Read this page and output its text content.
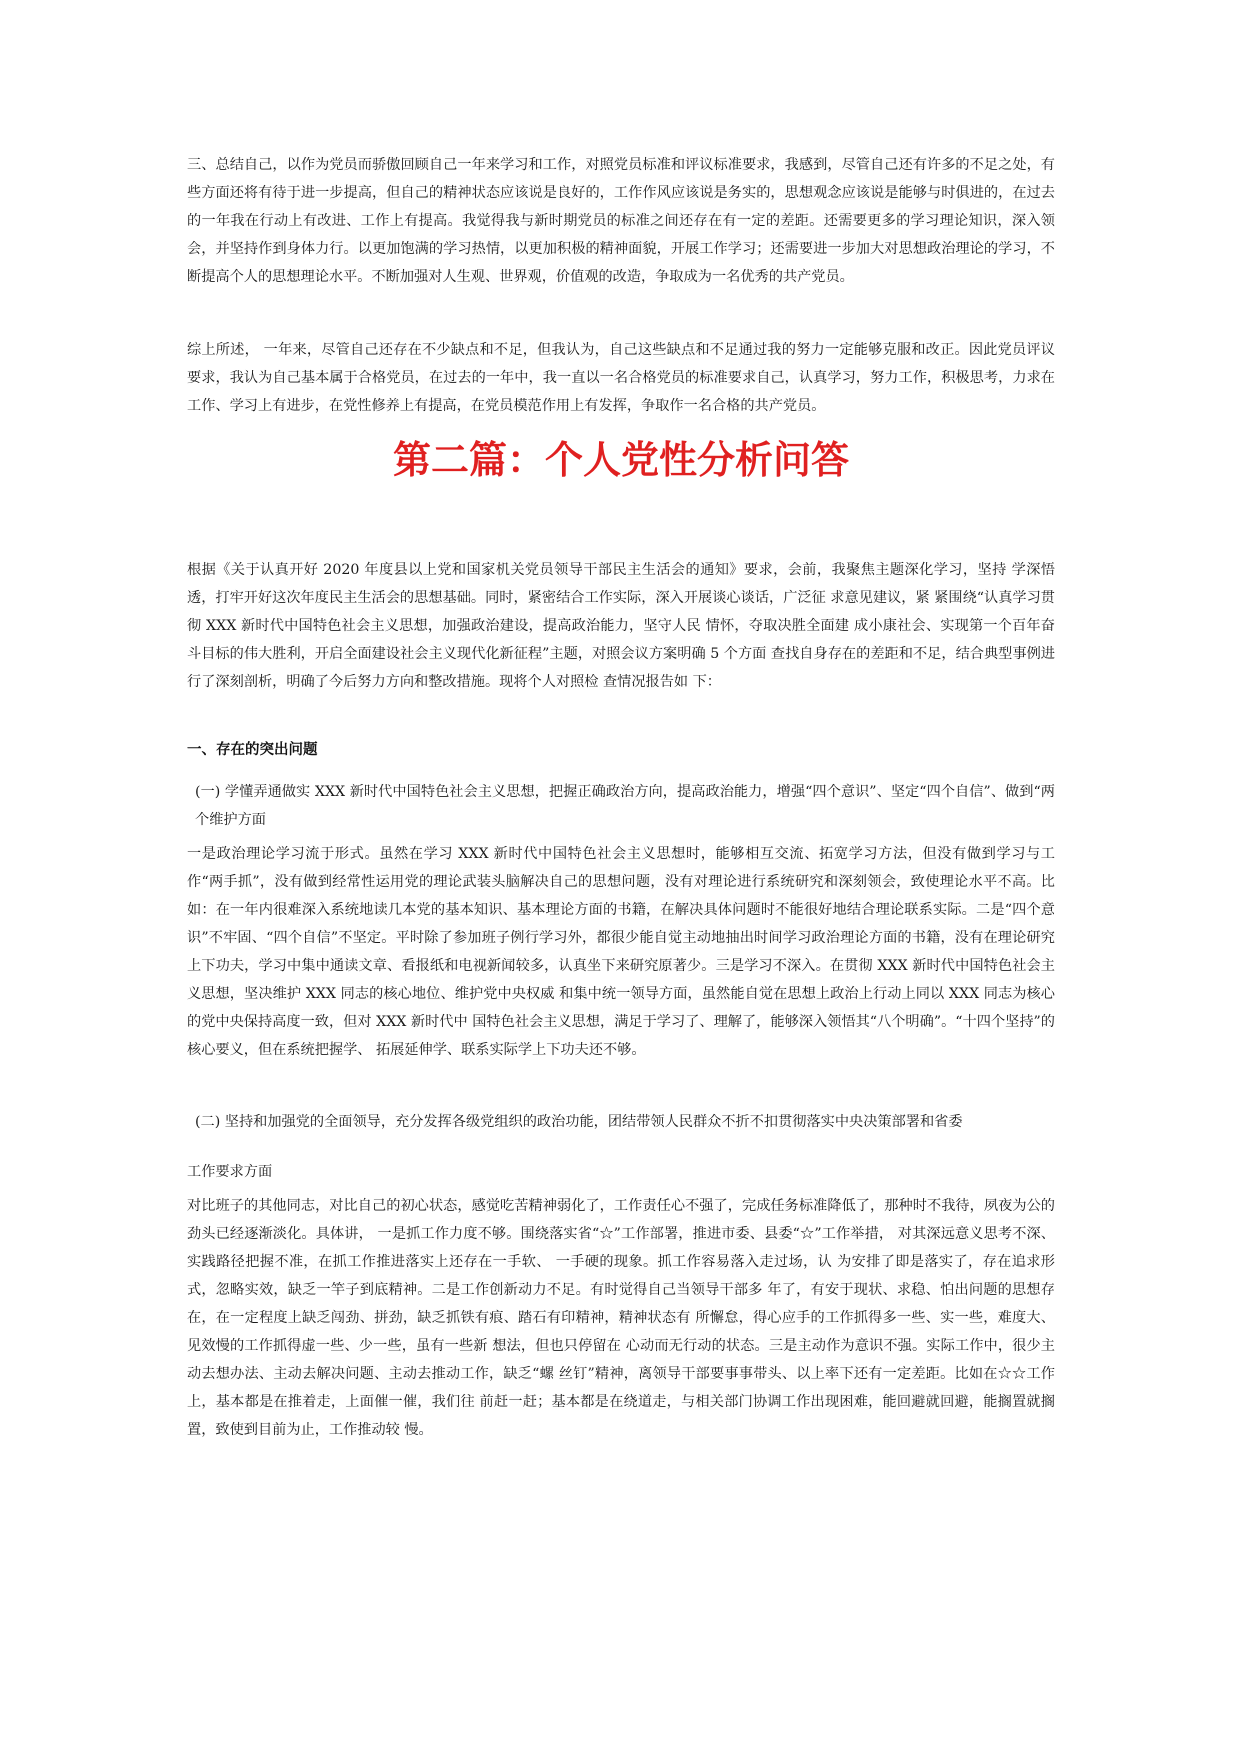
三、总结自己，以作为党员而骄傲回顾自己一年来学习和工作，对照党员标准和评议标准要求，我感到，尽管自己还有许多的不足之处，有些方面还将有待于进一步提高，但自己的精神状态应该说是良好的，工作作风应该说是务实的，思想观念应该说是能够与时俱进的，在过去的一年我在行动上有改进、工作上有提高。我觉得我与新时期党员的标准之间还存在有一定的差距。还需要更多的学习理论知识，深入领会，并坚持作到身体力行。以更加饱满的学习热情，以更加积极的精神面貌，开展工作学习；还需要进一步加大对思想政治理论的学习，不断提高个人的思想理论水平。不断加强对人生观、世界观，价值观的改造，争取成为一名优秀的共产党员。

综上所述， 一年来，尽管自己还存在不少缺点和不足，但我认为，自己这些缺点和不足通过我的努力一定能够克服和改正。因此党员评议要求，我认为自己基本属于合格党员，在过去的一年中，我一直以一名合格党员的标准要求自己，认真学习，努力工作，积极思考，力求在工作、学习上有进步，在党性修养上有提高，在党员模范作用上有发挥，争取作一名合格的共产党员。

第二篇：个人党性分析问答

根据《关于认真开好 2020 年度县以上党和国家机关党员领导干部民主生活会的通知》要求，会前，我聚焦主题深化学习，坚持 学深悟透，打牢开好这次年度民主生活会的思想基础。同时，紧密结合工作实际，深入开展谈心谈话，广泛征 求意见建议，紧 紧围绕“认真学习贯彻 XXX 新时代中国特色社会主义思想，加强政治建设，提高政治能力，坚守人民 情怀，夺取决胜全面建 成小康社会、实现第一个百年奋斗目标的伟大胜利，开启全面建设社会主义现代化新征程”主题，对照会议方案明确 5 个方面 查找自身存在的差距和不足，结合典型事例进行了深刻剖析，明确了今后努力方向和整改措施。现将个人对照检 查情况报告如 下：

一、存在的突出问题

(一) 学懂弄通做实 XXX 新时代中国特色社会主义思想，把握正确政治方向，提高政治能力，增强“四个意识”、坚定“四个自信”、做到“两个维护方面

一是政治理论学习流于形式。虽然在学习 XXX 新时代中国特色社会主义思想时，能够相互交流、拓宽学习方法，但没有做到学习与工作“两手抓”，没有做到经常性运用党的理论武装头脑解决自己的思想问题，没有对理论进行系统研究和深刻领会，致使理论水平不高。比如：在一年内很难深入系统地读几本党的基本知识、基本理论方面的书籍，在解决具体问题时不能很好地结合理论联系实际。二是“四个意识”不牢固、“四个自信”不坚定。平时除了参加班子例行学习外，都很少能自觉主动地抽出时间学习政治理论方面的书籍，没有在理论研究上下功夫，学习中集中通读文章、看报纸和电视新闻较多，认真坐下来研究原著少。三是学习不深入。在贯彻 XXX 新时代中国特色社会主义思想，坚决维护 XXX 同志的核心地位、维护党中央权威 和集中统一领导方面，虽然能自觉在思想上政治上行动上同以 XXX 同志为核心的党中央保持高度一致，但对 XXX 新时代中 国特色社会主义思想，满足于学习了、理解了，能够深入领悟其“八个明确”。“十四个坚持”的核心要义，但在系统把握学、 拓展延伸学、联系实际学上下功夫还不够。

(二) 坚持和加强党的全面领导，充分发挥各级党组织的政治功能，团结带领人民群众不折不扣贯彻落实中央决策部署和省委

工作要求方面

对比班子的其他同志，对比自己的初心状态，感觉吃苦精神弱化了，工作责任心不强了，完成任务标准降低了，那种时不我待，夙夜为公的劲头已经逐渐淡化。具体讲， 一是抓工作力度不够。围绕落实省“☆”工作部署，推进市委、县委“☆”工作举措， 对其深远意义思考不深、实践路径把握不准，在抓工作推进落实上还存在一手软、 一手硬的现象。抓工作容易落入走过场，认 为安排了即是落实了，存在追求形式，忽略实效，缺乏一竿子到底精神。二是工作创新动力不足。有时觉得自己当领导干部多 年了，有安于现状、求稳、怕出问题的思想存在，在一定程度上缺乏闯劲、拼劲，缺乏抓铁有痕、踏石有印精神，精神状态有 所懈怠，得心应手的工作抓得多一些、实一些，难度大、见效慢的工作抓得虚一些、少一些，虽有一些新 想法，但也只停留在 心动而无行动的状态。三是主动作为意识不强。实际工作中，很少主动去想办法、主动去解决问题、主动去推动工作，缺乏“螺 丝钉”精神，离领导干部要事事带头、以上率下还有一定差距。比如在☆☆工作上，基本都是在推着走，上面催一催，我们往 前赶一赶；基本都是在绕道走，与相关部门协调工作出现困难，能回避就回避，能搁置就搁置，致使到目前为止，工作推动较 慢。
